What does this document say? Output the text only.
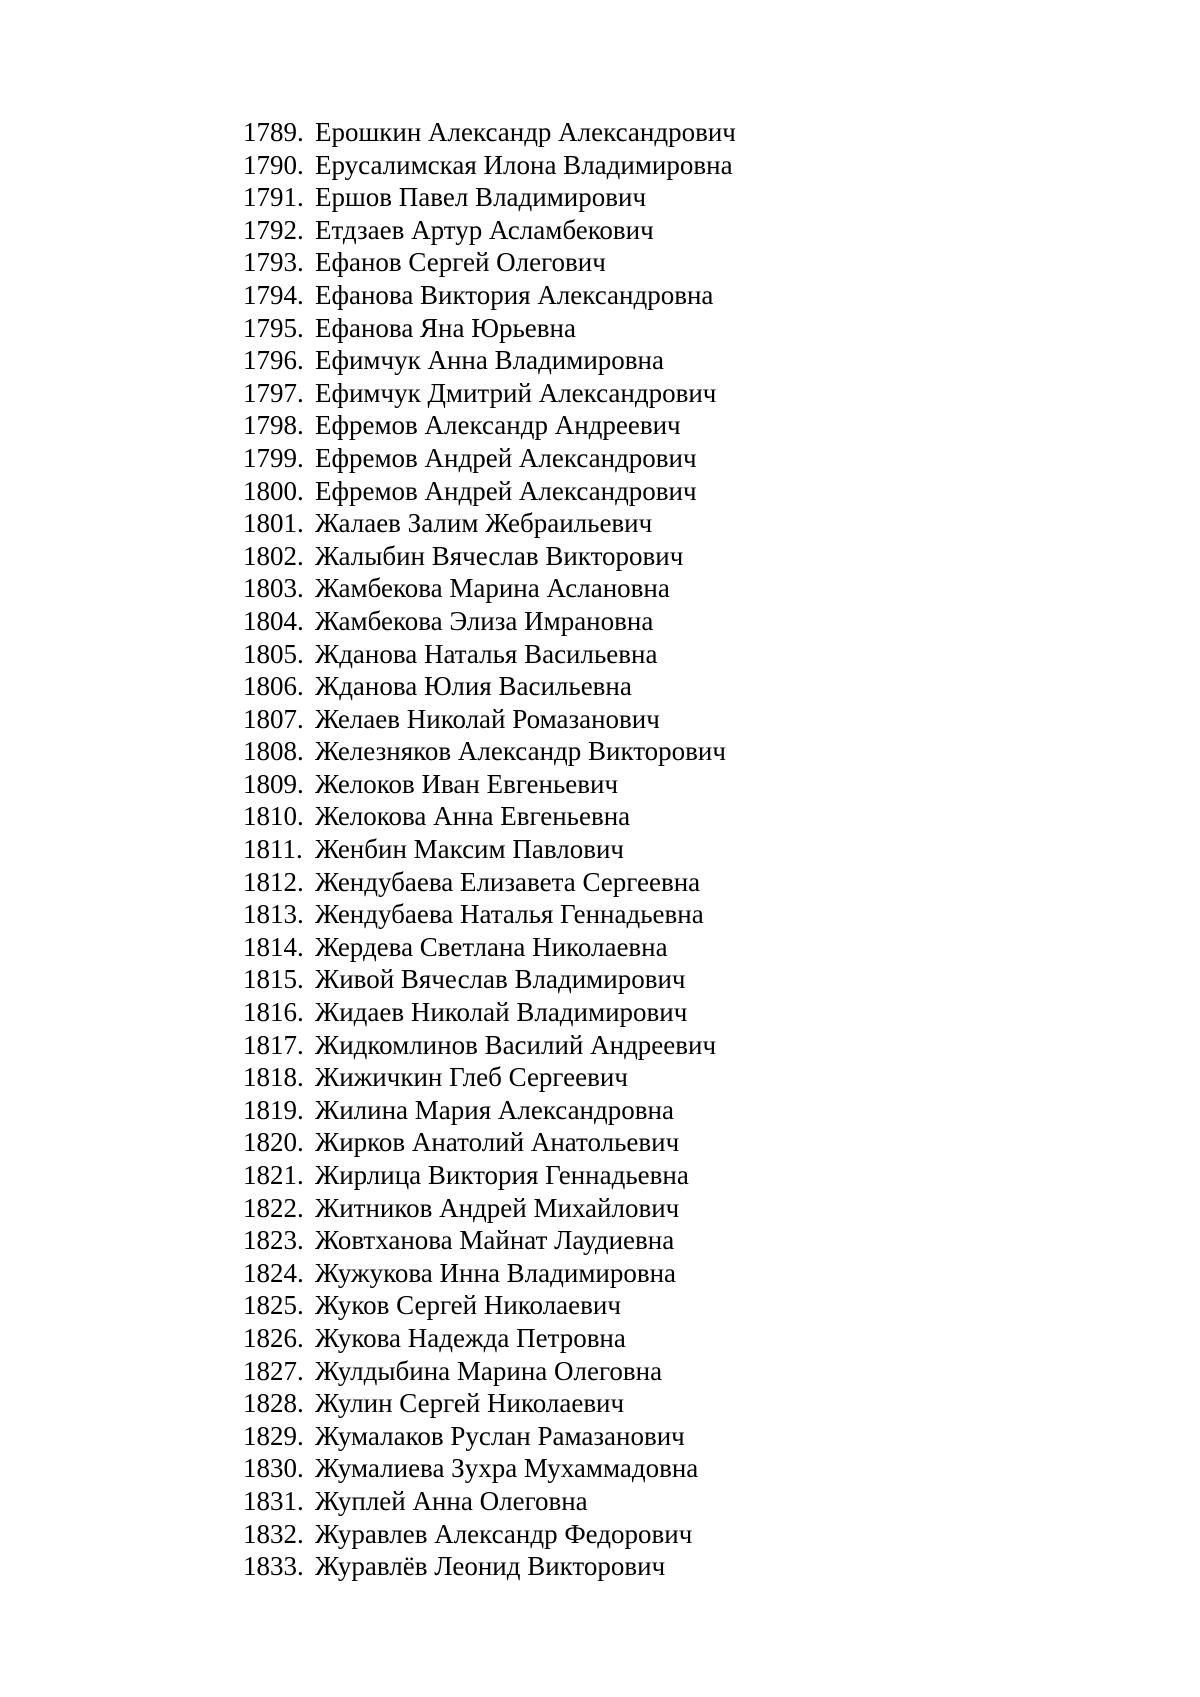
1789. Ерошкин Александр Александрович
1790. Ерусалимская Илона Владимировна
1791. Ершов Павел Владимирович
1792. Етдзаев Артур Асламбекович
1793. Ефанов Сергей Олегович
1794. Ефанова Виктория Александровна
1795. Ефанова Яна Юрьевна
1796. Ефимчук Анна Владимировна
1797. Ефимчук Дмитрий Александрович
1798. Ефремов Александр Андреевич
1799. Ефремов Андрей Александрович
1800. Ефремов Андрей Александрович
1801. Жалаев Залим Жебраильевич
1802. Жалыбин Вячеслав Викторович
1803. Жамбекова Марина Аслановна
1804. Жамбекова Элиза Имрановна
1805. Жданова Наталья Васильевна
1806. Жданова Юлия Васильевна
1807. Желаев Николай Ромазанович
1808. Железняков Александр Викторович
1809. Желоков Иван Евгеньевич
1810. Желокова Анна Евгеньевна
1811. Женбин Максим Павлович
1812. Жендубаева Елизавета Сергеевна
1813. Жендубаева Наталья Геннадьевна
1814. Жердева Светлана Николаевна
1815. Живой Вячеслав Владимирович
1816. Жидаев Николай Владимирович
1817. Жидкомлинов Василий Андреевич
1818. Жижичкин Глеб Сергеевич
1819. Жилина Мария Александровна
1820. Жирков Анатолий Анатольевич
1821. Жирлица Виктория Геннадьевна
1822. Житников Андрей Михайлович
1823. Жовтханова Майнат Лаудиевна
1824. Жужукова Инна Владимировна
1825. Жуков Сергей Николаевич
1826. Жукова Надежда Петровна
1827. Жулдыбина Марина Олеговна
1828. Жулин Сергей Николаевич
1829. Жумалаков Руслан Рамазанович
1830. Жумалиева Зухра Мухаммадовна
1831. Жуплей Анна Олеговна
1832. Журавлев Александр Федорович
1833. Журавлёв Леонид Викторович
